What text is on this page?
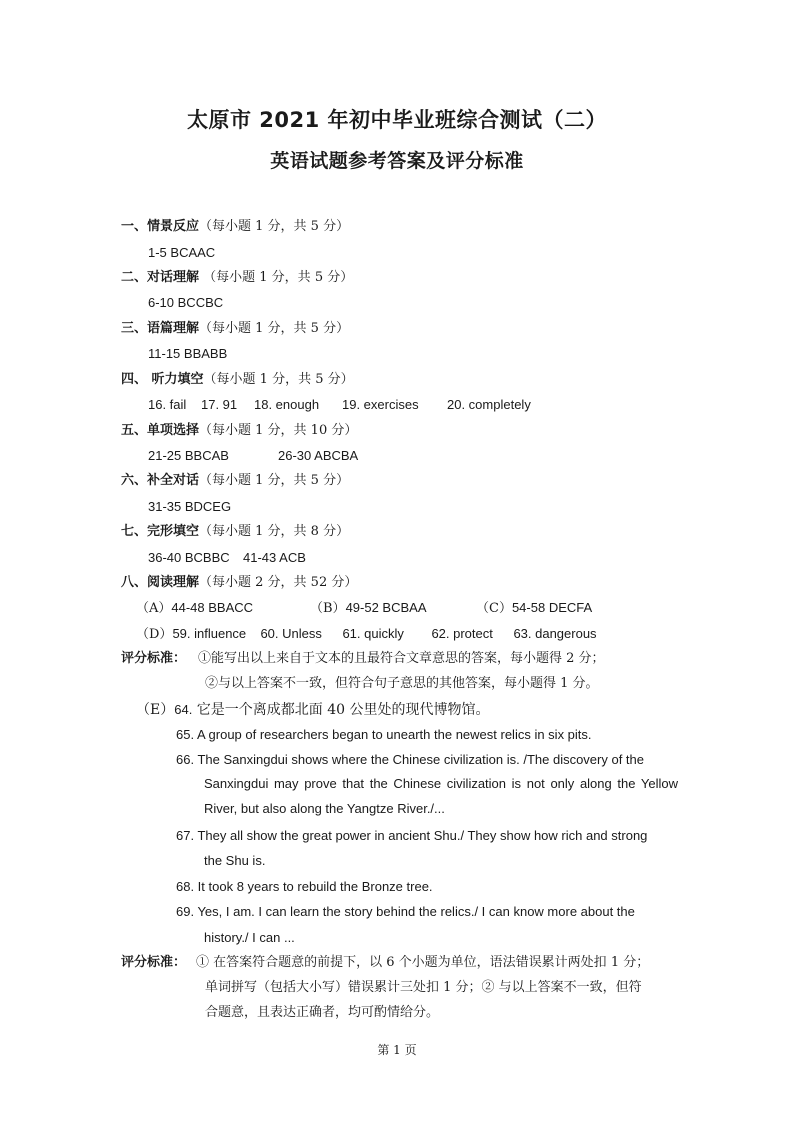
太原市 2021 年初中毕业班综合测试（二）
英语试题参考答案及评分标准
一、情景反应（每小题 1 分，共 5 分）
1-5 BCAAC
二、对话理解 （每小题 1 分，共 5 分）
6-10 BCCBC
三、语篇理解（每小题 1 分，共 5 分）
11-15 BBABB
四、 听力填空（每小题 1 分，共 5 分）
16. fail 17. 91 18. enough 19. exercises 20. completely
五、单项选择（每小题 1 分，共 10 分）
21-25 BBCAB	26-30 ABCBA
六、补全对话（每小题 1 分，共 5 分）
31-35 BDCEG
七、完形填空（每小题 1 分，共 8 分）
36-40 BCBBC 41-43 ACB
八、阅读理解（每小题 2 分，共 52 分）
（A）44-48 BBACC	（B）49-52 BCBAA	（C）54-58 DECFA
（D）59. influence 60. Unless 61. quickly 62. protect 63. dangerous
评分标准： ①能写出以上来自于文本的且最符合文章意思的答案，每小题得 2 分；
②与以上答案不一致，但符合句子意思的其他答案，每小题得 1 分。
（E）64. 它是一个离成都北面 40 公里处的现代博物馆。
65. A group of researchers began to unearth the newest relics in six pits.
66. The Sanxingdui shows where the Chinese civilization is. /The discovery of the
Sanxingdui may prove that the Chinese civilization is not only along the Yellow River, but also along the Yangtze River./...
67. They all show the great power in ancient Shu./ They show how rich and strong
the Shu is.
68. It took 8 years to rebuild the Bronze tree.
69. Yes, I am. I can learn the story behind the relics./ I can know more about the
history./ I can ...
评分标准： ① 在答案符合题意的前提下，以 6 个小题为单位，语法错误累计两处扣 1 分；
单词拼写（包括大小写）错误累计三处扣 1 分；② 与以上答案不一致，但符
合题意，且表达正确者，均可酌情给分。
第 1 页
